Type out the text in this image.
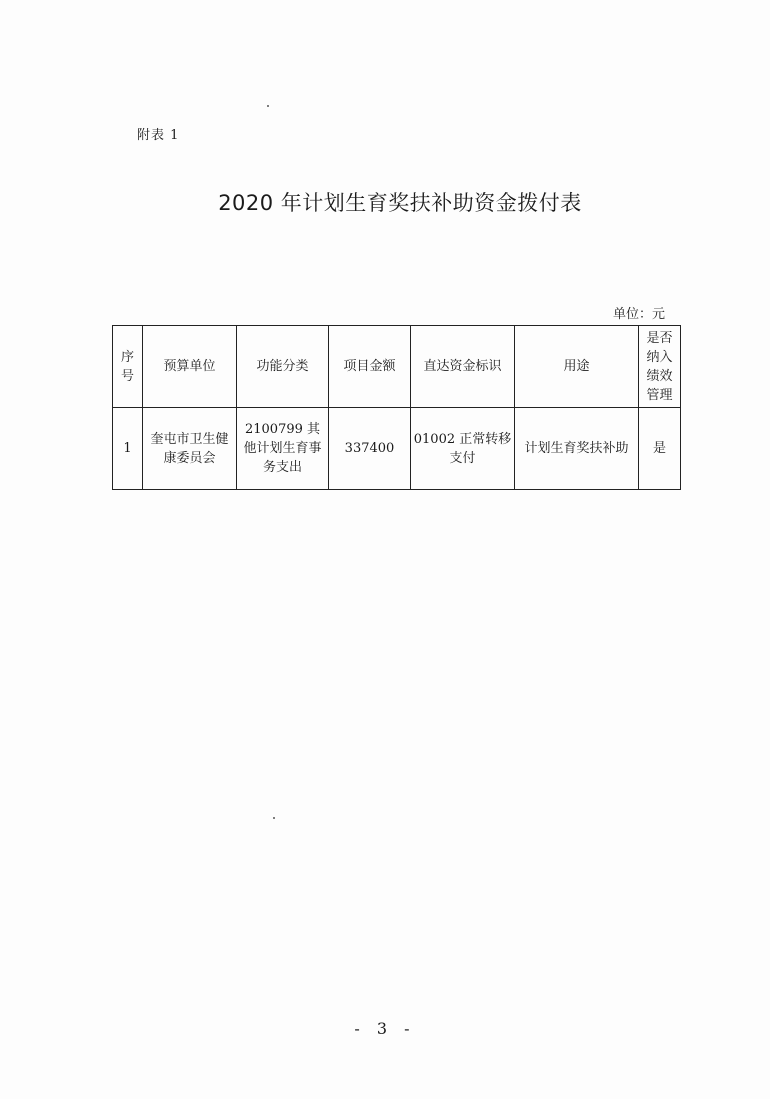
附表 1
2020 年计划生育奖扶补助资金拨付表
单位：元
序号	预算单位	功能分类	项目金额	直达资金标识	用途	是否纳入绩效管理
1	奎屯市卫生健康委员会	2100799 其他计划生育事务支出	337400	01002 正常转移支付	计划生育奖扶补助	是
- 3 -
